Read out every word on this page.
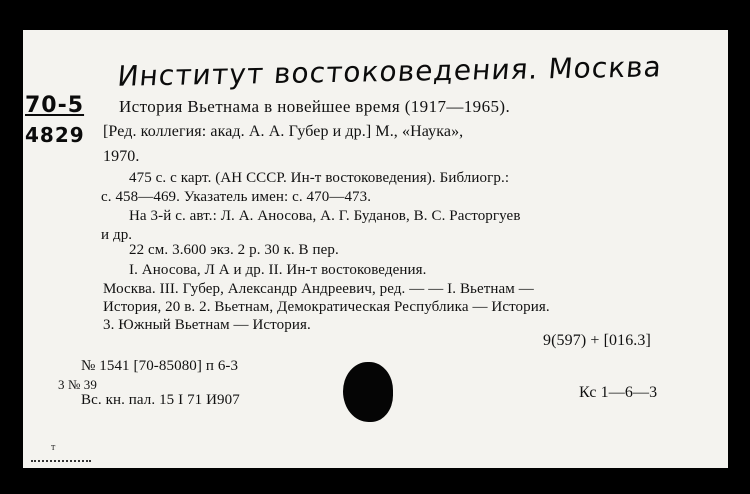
Институт востоковедения. Москва
70-5
4829
История Вьетнама в новейшее время (1917—1965).
[Ред. коллегия: акад. А. А. Губер и др.] М., «Наука»,
1970.
475 с. с карт. (АН СССР. Ин-т востоковедения). Библиогр.:
с. 458—469. Указатель имен: с. 470—473.
На 3-й с. авт.: Л. А. Аносова, А. Г. Буданов, В. С. Расторгуев
и др.
22 см. 3.600 экз. 2 р. 30 к. В пер.
I. Аносова, Л А и др. II. Ин-т востоковедения.
Москва. III. Губер, Александр Андреевич, ред. — — I. Вьетнам —
История, 20 в. 2. Вьетнам, Демократическая Республика — История.
3. Южный Вьетнам — История.
9(597) + [016.3]
№ 1541 [70-85080] п 6-3
3 № 39
Вс. кн. пал. 15 I 71 И907	Кс 1—6—3
т
